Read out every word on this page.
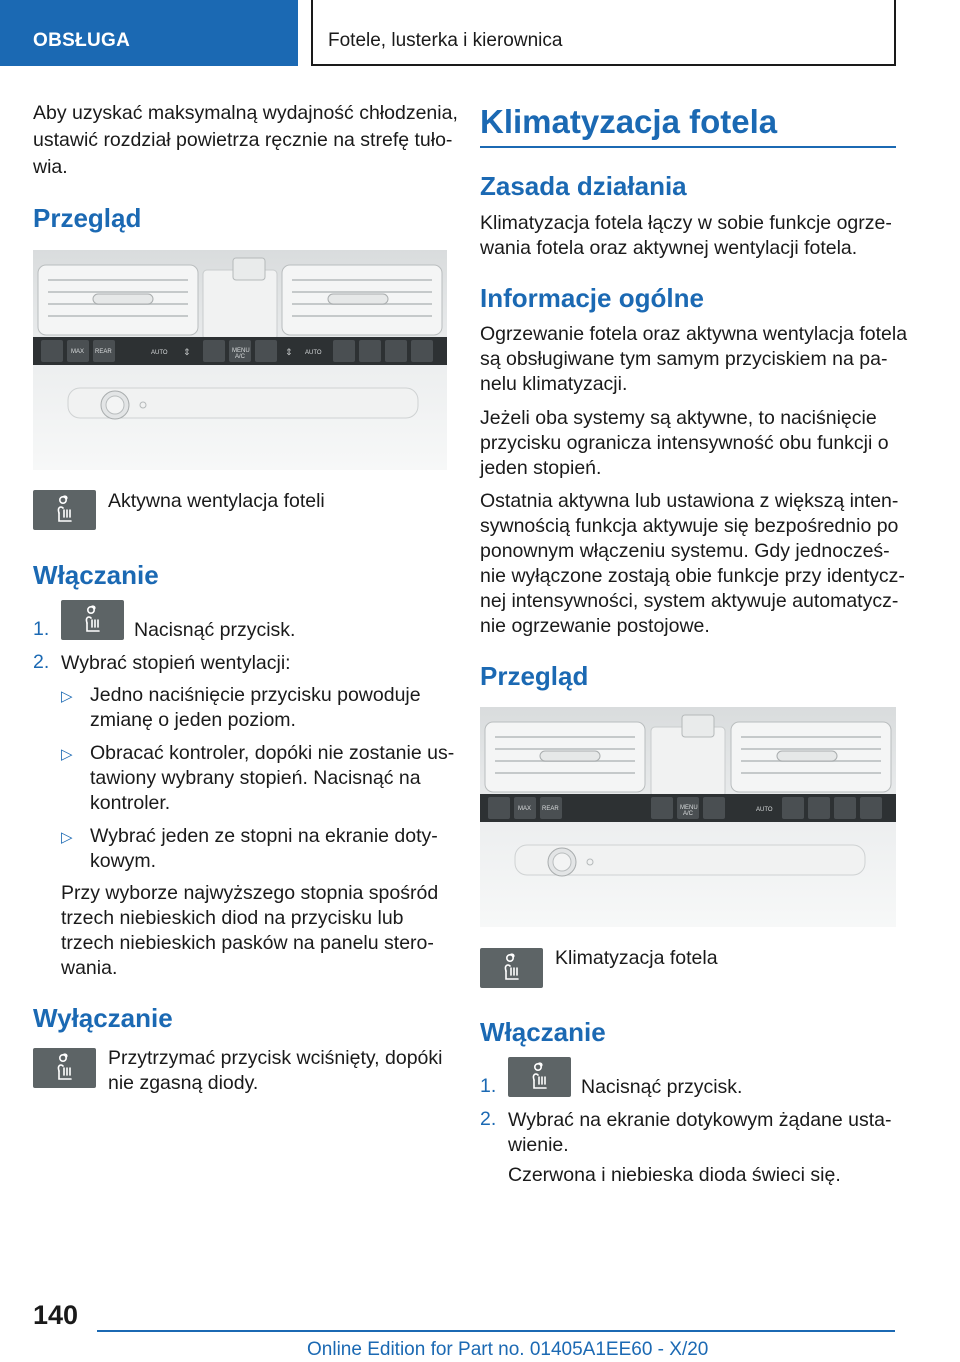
OBSŁUGA	Fotele, lusterka i kierownica
Aby uzyskać maksymalną wydajność chłodzenia,
ustawić rozdział powietrza ręcznie na strefę tuło-
wia.
Przegląd
MAX REAR	AUTO	MENU
A/C
AUTO
⇕	⇕
Aktywna wentylacja foteli
Włączanie
1.	Nacisnąć przycisk.
2. Wybrać stopień wentylacji:
▷ Jedno naciśnięcie przycisku powoduje
zmianę o jeden poziom.
▷ Obracać kontroler, dopóki nie zostanie us-
tawiony wybrany stopień. Nacisnąć na
kontroler.
▷ Wybrać jeden ze stopni na ekranie doty-
kowym.
Przy wyborze najwyższego stopnia spośród
trzech niebieskich diod na przycisku lub
trzech niebieskich pasków na panelu stero-
wania.
Wyłączanie
Przytrzymać przycisk wciśnięty, dopóki
nie zgasną diody.
Klimatyzacja fotela
Zasada działania
Klimatyzacja fotela łączy w sobie funkcje ogrze-
wania fotela oraz aktywnej wentylacji fotela.
Informacje ogólne
Ogrzewanie fotela oraz aktywna wentylacja fotela
są obsługiwane tym samym przyciskiem na pa-
nelu klimatyzacji.
Jeżeli oba systemy są aktywne, to naciśnięcie
przycisku ogranicza intensywność obu funkcji o
jeden stopień.
Ostatnia aktywna lub ustawiona z większą inten-
sywnością funkcja aktywuje się bezpośrednio po
ponownym włączeniu systemu. Gdy jednocześ-
nie wyłączone zostają obie funkcje przy identycz-
nej intensywności, system aktywuje automatycz-
nie ogrzewanie postojowe.
Przegląd
MAX REAR	MENU
A/C
AUTO
Klimatyzacja fotela
Włączanie
1.	Nacisnąć przycisk.
2. Wybrać na ekranie dotykowym żądane usta-
wienie.
Czerwona i niebieska dioda świeci się.
140
Online Edition for Part no. 01405A1EE60 - X/20
